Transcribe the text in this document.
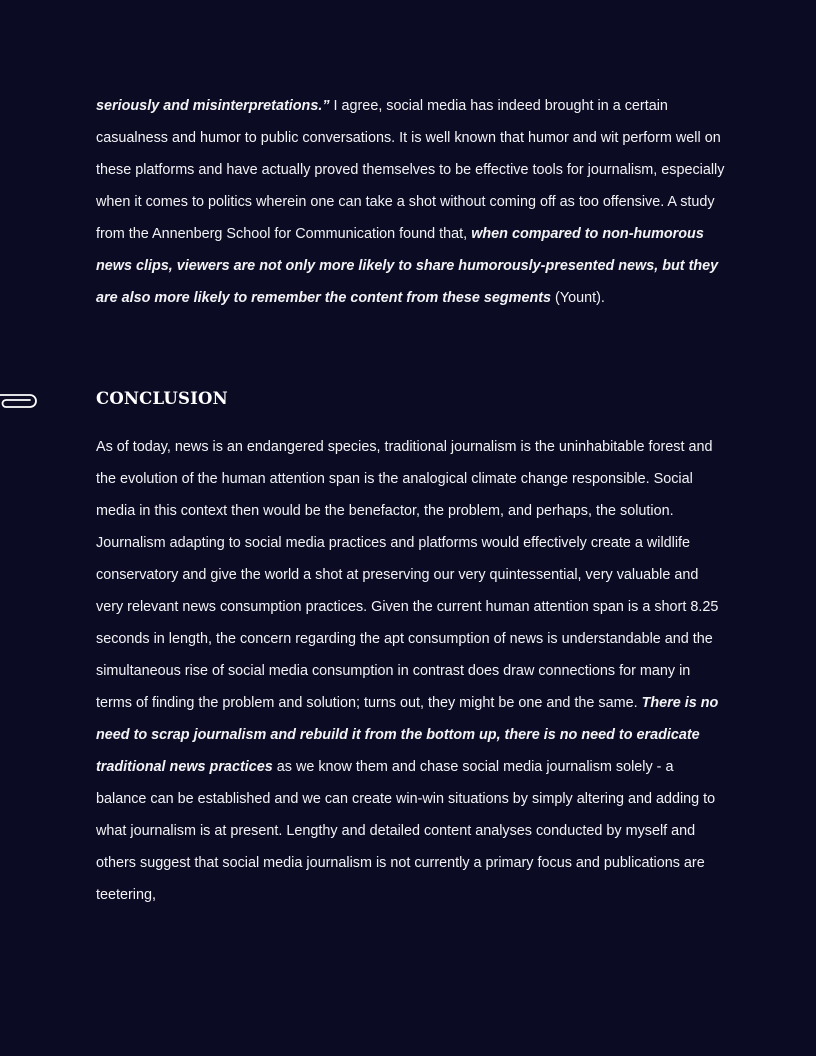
seriously and misinterpretations.” I agree, social media has indeed brought in a certain casualness and humor to public conversations. It is well known that humor and wit perform well on these platforms and have actually proved themselves to be effective tools for journalism, especially when it comes to politics wherein one can take a shot without coming off as too offensive. A study from the Annenberg School for Communication found that, when compared to non-humorous news clips, viewers are not only more likely to share humorously-presented news, but they are also more likely to remember the content from these segments (Yount).

CONCLUSION

As of today, news is an endangered species, traditional journalism is the uninhabitable forest and the evolution of the human attention span is the analogical climate change responsible. Social media in this context then would be the benefactor, the problem, and perhaps, the solution. Journalism adapting to social media practices and platforms would effectively create a wildlife conservatory and give the world a shot at preserving our very quintessential, very valuable and very relevant news consumption practices. Given the current human attention span is a short 8.25 seconds in length, the concern regarding the apt consumption of news is understandable and the simultaneous rise of social media consumption in contrast does draw connections for many in terms of finding the problem and solution; turns out, they might be one and the same. There is no need to scrap journalism and rebuild it from the bottom up, there is no need to eradicate traditional news practices as we know them and chase social media journalism solely - a balance can be established and we can create win-win situations by simply altering and adding to what journalism is at present. Lengthy and detailed content analyses conducted by myself and others suggest that social media journalism is not currently a primary focus and publications are teetering,
